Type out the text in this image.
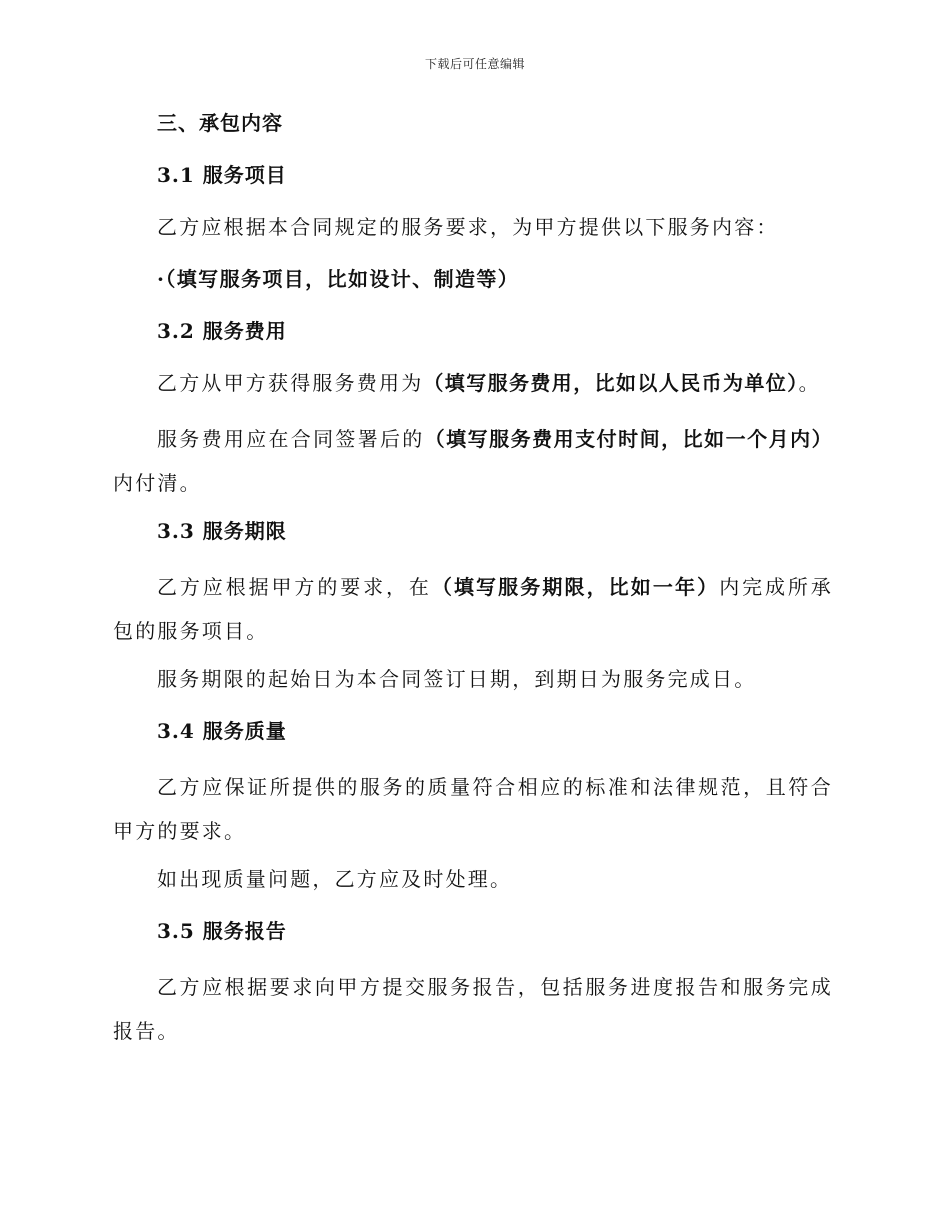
下载后可任意编辑
三、承包内容
3.1 服务项目

乙方应根据本合同规定的服务要求，为甲方提供以下服务内容：

·（填写服务项目，比如设计、制造等）
3.2 服务费用

乙方从甲方获得服务费用为（填写服务费用，比如以人民币为单位）。

服务费用应在合同签署后的（填写服务费用支付时间，比如一个月内）内付清。

3.3 服务期限

乙方应根据甲方的要求，在（填写服务期限，比如一年）内完成所承包的服务项目。

服务期限的起始日为本合同签订日期，到期日为服务完成日。

3.4 服务质量

乙方应保证所提供的服务的质量符合相应的标准和法律规范，且符合甲方的要求。

如出现质量问题，乙方应及时处理。

3.5 服务报告

乙方应根据要求向甲方提交服务报告，包括服务进度报告和服务完成报告。
